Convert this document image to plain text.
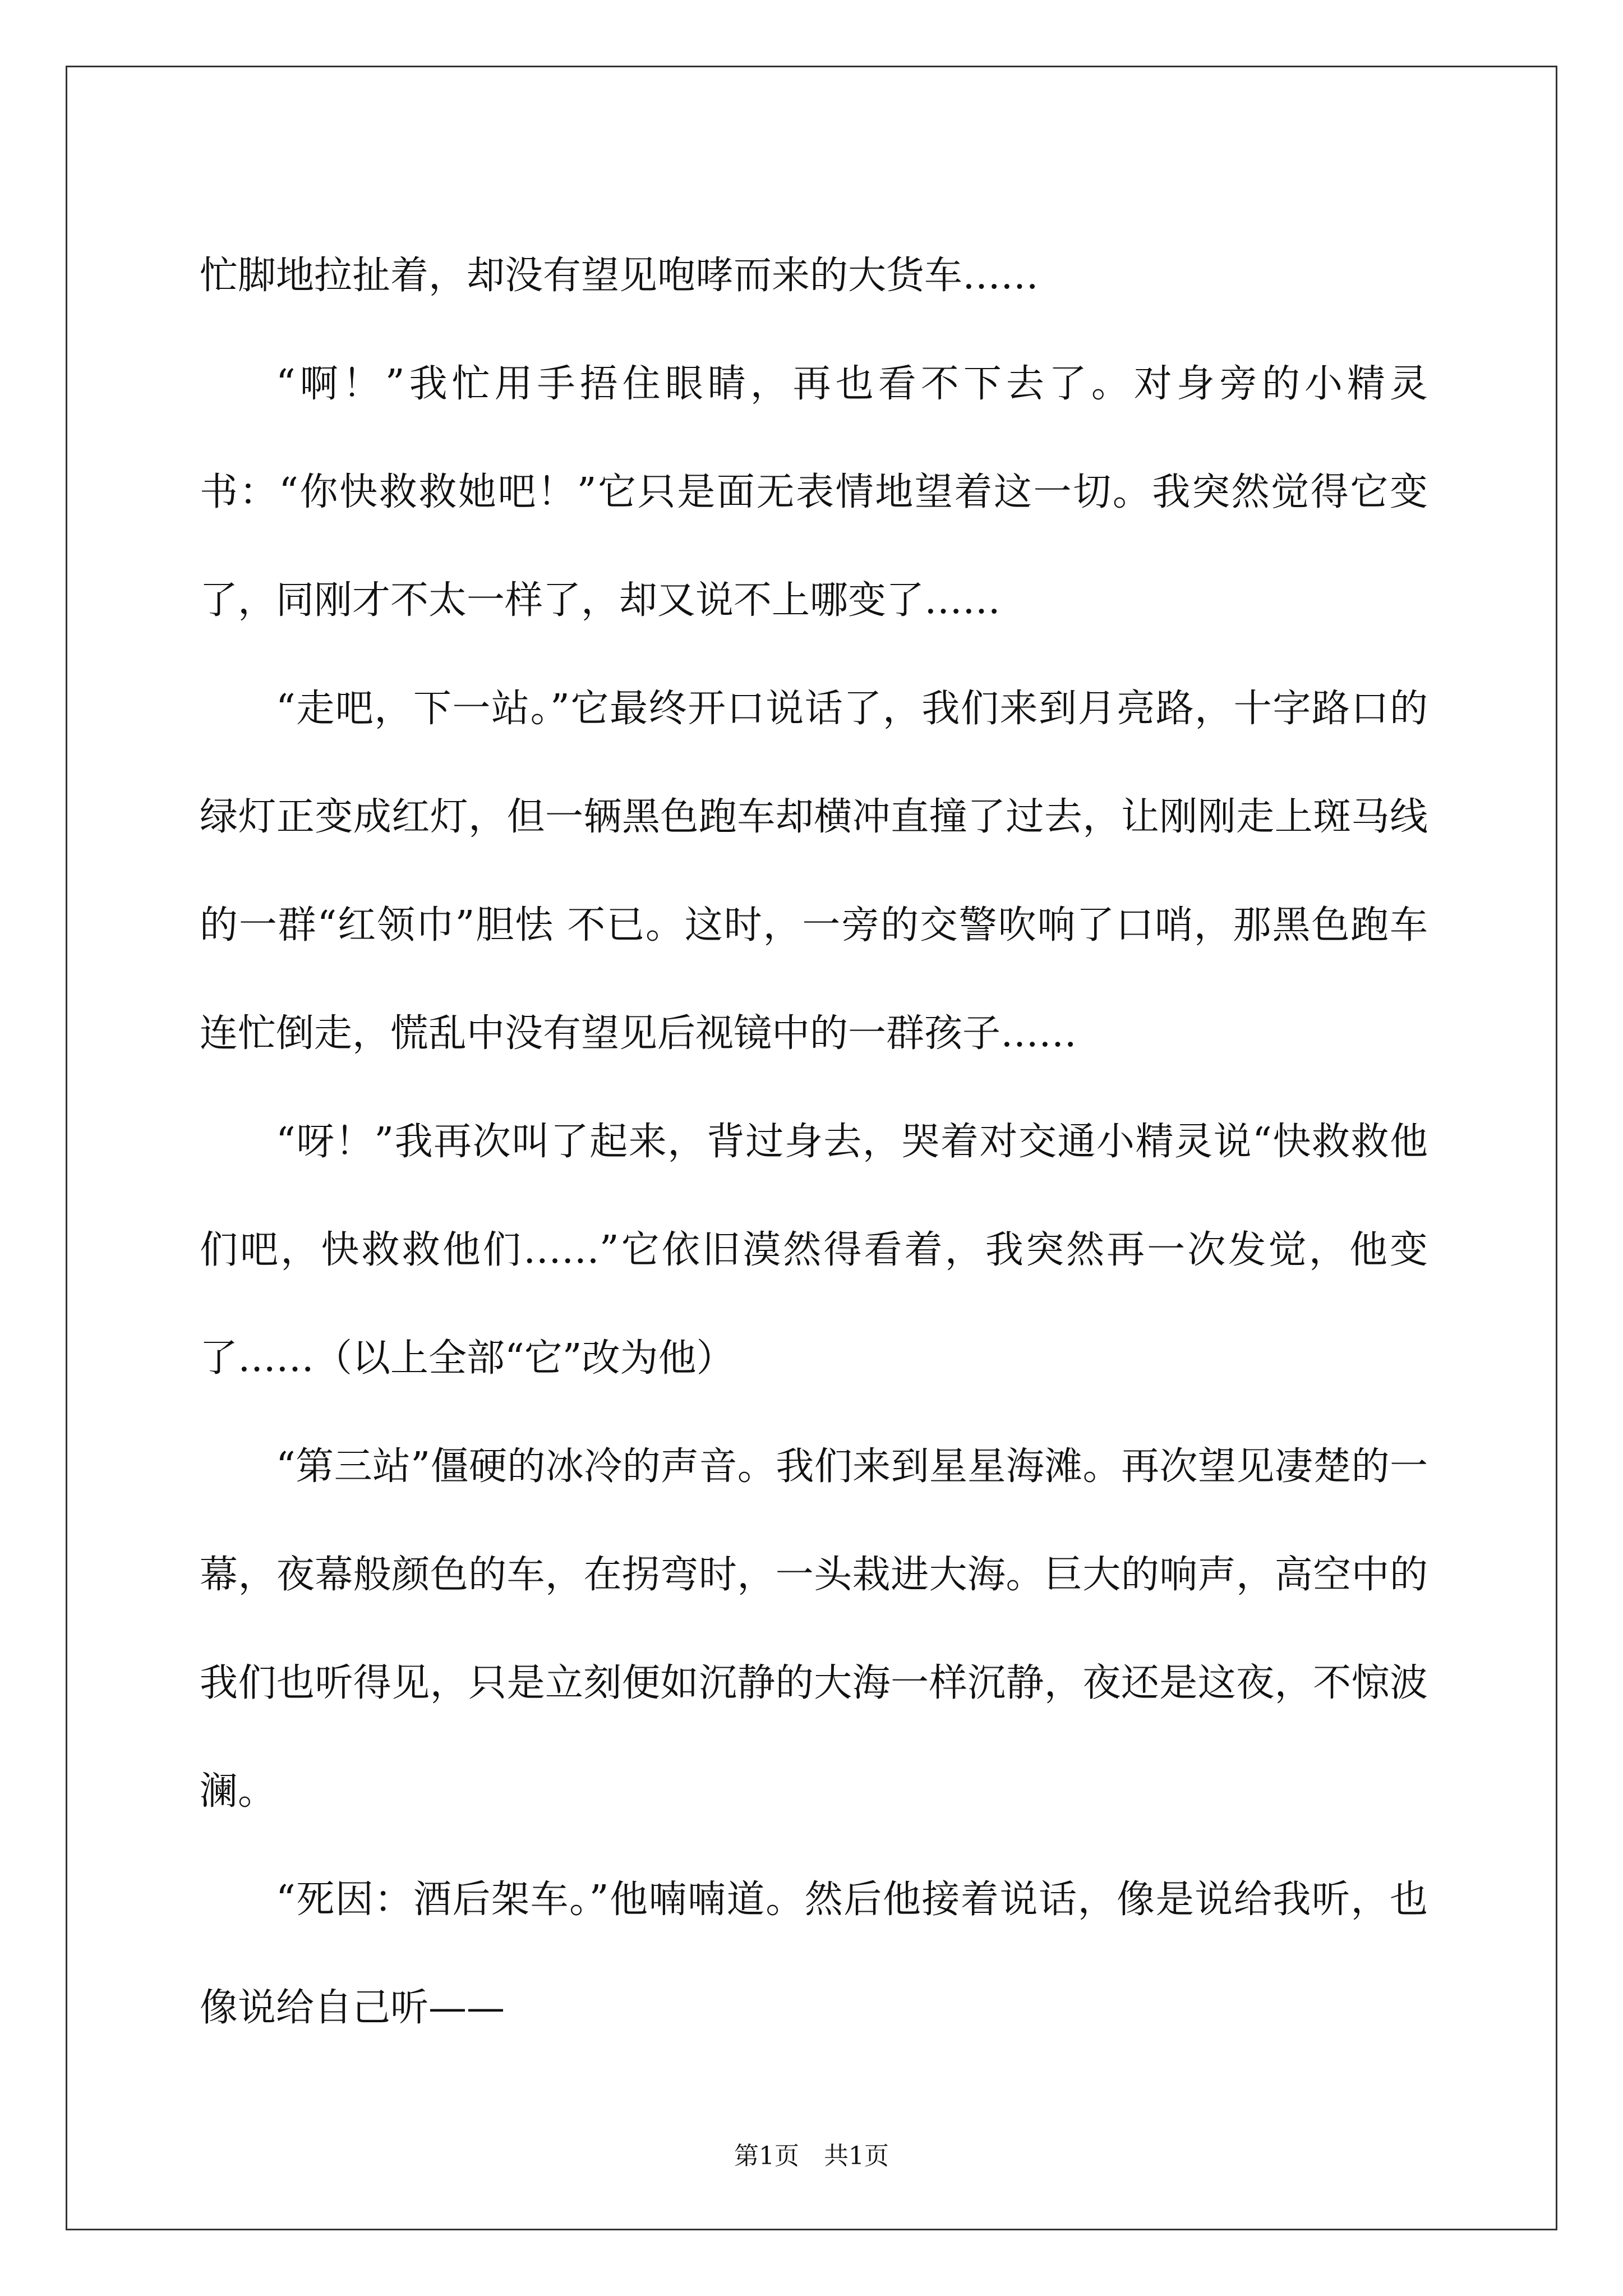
忙脚地拉扯着，却没有望见咆哮而来的大货车……

“啊！”我忙用手捂住眼睛，再也看不下去了。对身旁的小精灵书：“你快救救她吧！”它只是面无表情地望着这一切。我突然觉得它变了，同刚才不太一样了，却又说不上哪变了……

“走吧，下一站。”它最终开口说话了，我们来到月亮路，十字路口的绿灯正变成红灯，但一辆黑色跑车却横冲直撞了过去，让刚刚走上斑马线的一群“红领巾”胆怯 不已。这时，一旁的交警吹响了口哨，那黑色跑车连忙倒走，慌乱中没有望见后视镜中的一群孩子……

“呀！”我再次叫了起来，背过身去，哭着对交通小精灵说“快救救他们吧，快救救他们……”它依旧漠然得看着，我突然再一次发觉，他变了……（以上全部“它”改为他）

“第三站”僵硬的冰冷的声音。我们来到星星海滩。再次望见凄楚的一幕，夜幕般颜色的车，在拐弯时，一头栽进大海。巨大的响声，高空中的我们也听得见，只是立刻便如沉静的大海一样沉静，夜还是这夜，不惊波澜。

“死因：酒后架车。”他喃喃道。然后他接着说话，像是说给我听，也像说给自己听——

第1页　共1页
